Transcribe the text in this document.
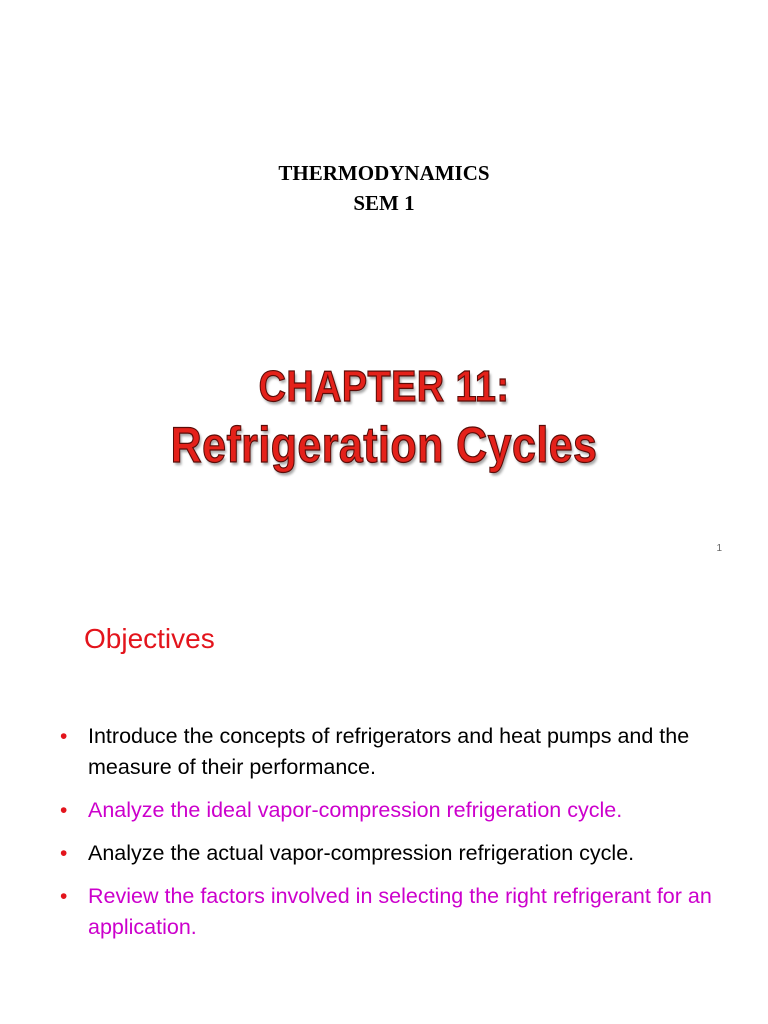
THERMODYNAMICS
SEM 1
CHAPTER 11:
Refrigeration Cycles
1
Objectives
• Introduce the concepts of refrigerators and heat pumps and the measure of their performance.
• Analyze the ideal vapor-compression refrigeration cycle.
• Analyze the actual vapor-compression refrigeration cycle.
• Review the factors involved in selecting the right refrigerant for an application.
